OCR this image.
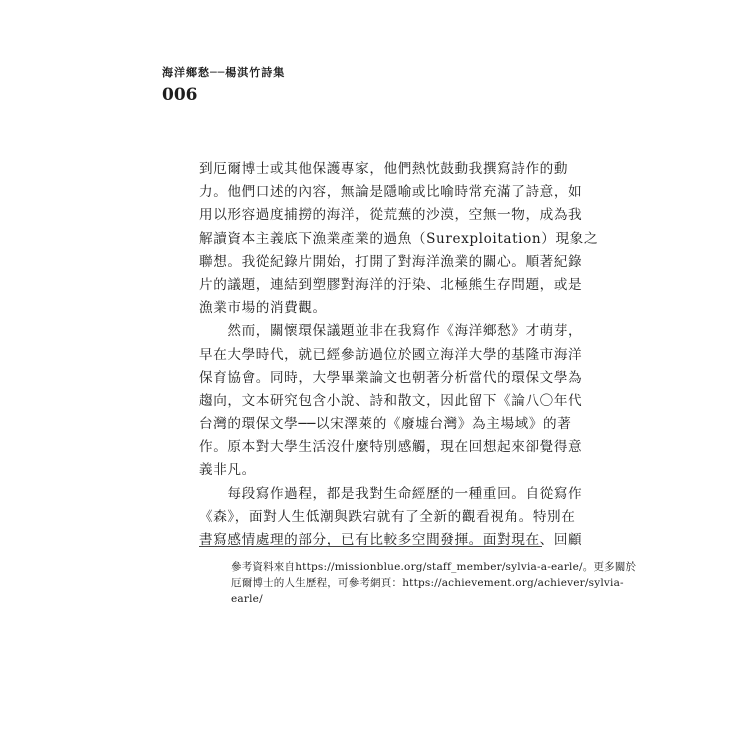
海洋鄉愁──楊淇竹詩集
006
到厄爾博士或其他保護專家，他們熱忱鼓動我撰寫詩作的動
力。他們口述的內容，無論是隱喻或比喻時常充滿了詩意，如
用以形容過度捕撈的海洋，從荒蕪的沙漠，空無一物，成為我
解讀資本主義底下漁業產業的過魚（Surexploitation）現象之
聯想。我從紀錄片開始，打開了對海洋漁業的關心。順著紀錄
片的議題，連結到塑膠對海洋的汙染、北極熊生存問題，或是
漁業市場的消費觀。
　　然而，關懷環保議題並非在我寫作《海洋鄉愁》才萌芽，
早在大學時代，就已經參訪過位於國立海洋大學的基隆市海洋
保育協會。同時，大學畢業論文也朝著分析當代的環保文學為
趨向，文本研究包含小說、詩和散文，因此留下《論八〇年代
台灣的環保文學──以宋澤萊的《廢墟台灣》為主場域》的著
作。原本對大學生活沒什麼特別感觸，現在回想起來卻覺得意
義非凡。
　　每段寫作過程，都是我對生命經歷的一種重回。自從寫作
《森》，面對人生低潮與跌宕就有了全新的觀看視角。特別在
書寫感情處理的部分，已有比較多空間發揮。面對現在、回顧
參考資料來自https://missionblue.org/staff_member/sylvia-a-earle/。更多關於
厄爾博士的人生歷程，可參考網頁：https://achievement.org/achiever/sylvia-
earle/
